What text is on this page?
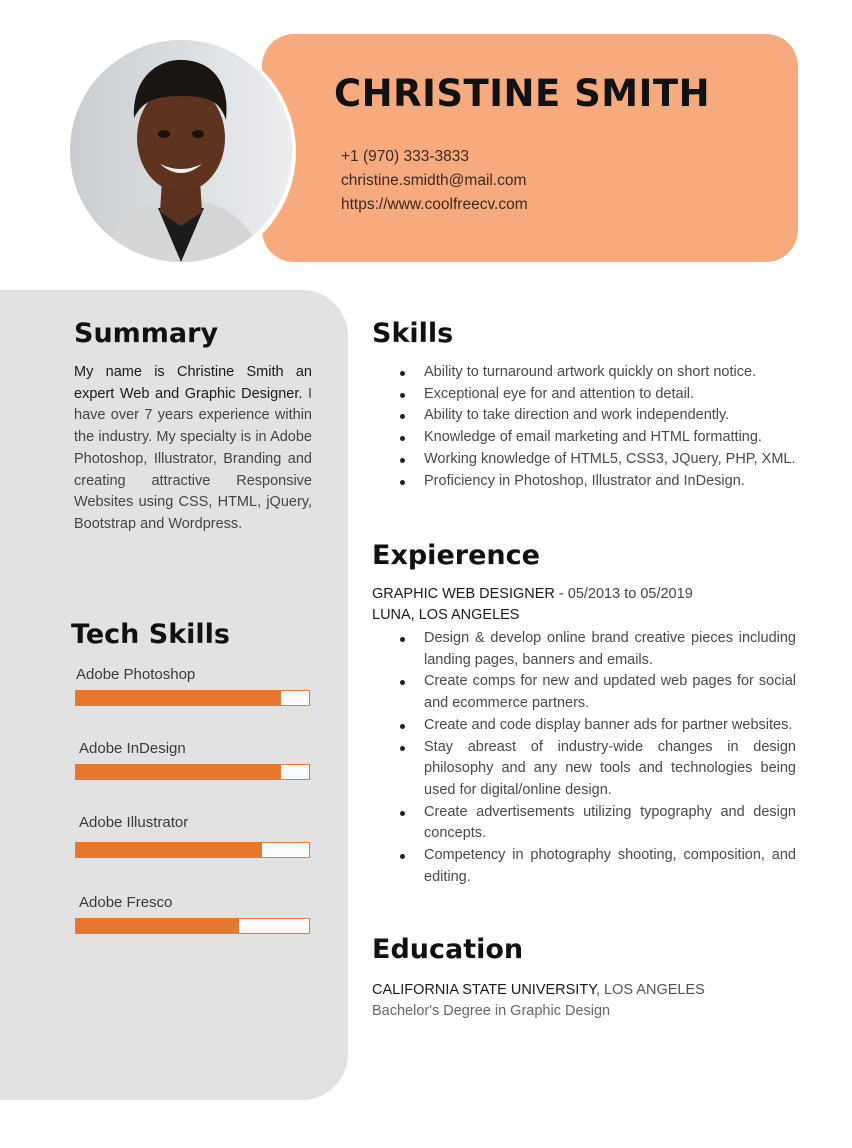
CHRISTINE SMITH
+1 (970) 333-3833
christine.smidth@mail.com
https://www.coolfreecv.com
Summary

My name is Christine Smith an expert Web and Graphic Designer. I have over 7 years experience within the industry. My specialty is in Adobe Photoshop, Illustrator, Branding and creating attractive Responsive Websites using CSS, HTML, jQuery, Bootstrap and Wordpress.

Tech Skills
Adobe Photoshop
Adobe InDesign
Adobe Illustrator
Adobe Fresco
Skills
Ability to turnaround artwork quickly on short notice.
Exceptional eye for and attention to detail.
Ability to take direction and work independently.
Knowledge of email marketing and HTML formatting.
Working knowledge of HTML5, CSS3, JQuery, PHP, XML.
Proficiency in Photoshop, Illustrator and InDesign.
Expierence
GRAPHIC WEB DESIGNER - 05/2013 to 05/2019
LUNA, LOS ANGELES
Design & develop online brand creative pieces including landing pages, banners and emails.
Create comps for new and updated web pages for social and ecommerce partners.
Create and code display banner ads for partner websites.
Stay abreast of industry-wide changes in design philosophy and any new tools and technologies being used for digital/online design.
Create advertisements utilizing typography and design concepts.
Competency in photography shooting, composition, and editing.
Education
CALIFORNIA STATE UNIVERSITY, LOS ANGELES
Bachelor's Degree in Graphic Design
